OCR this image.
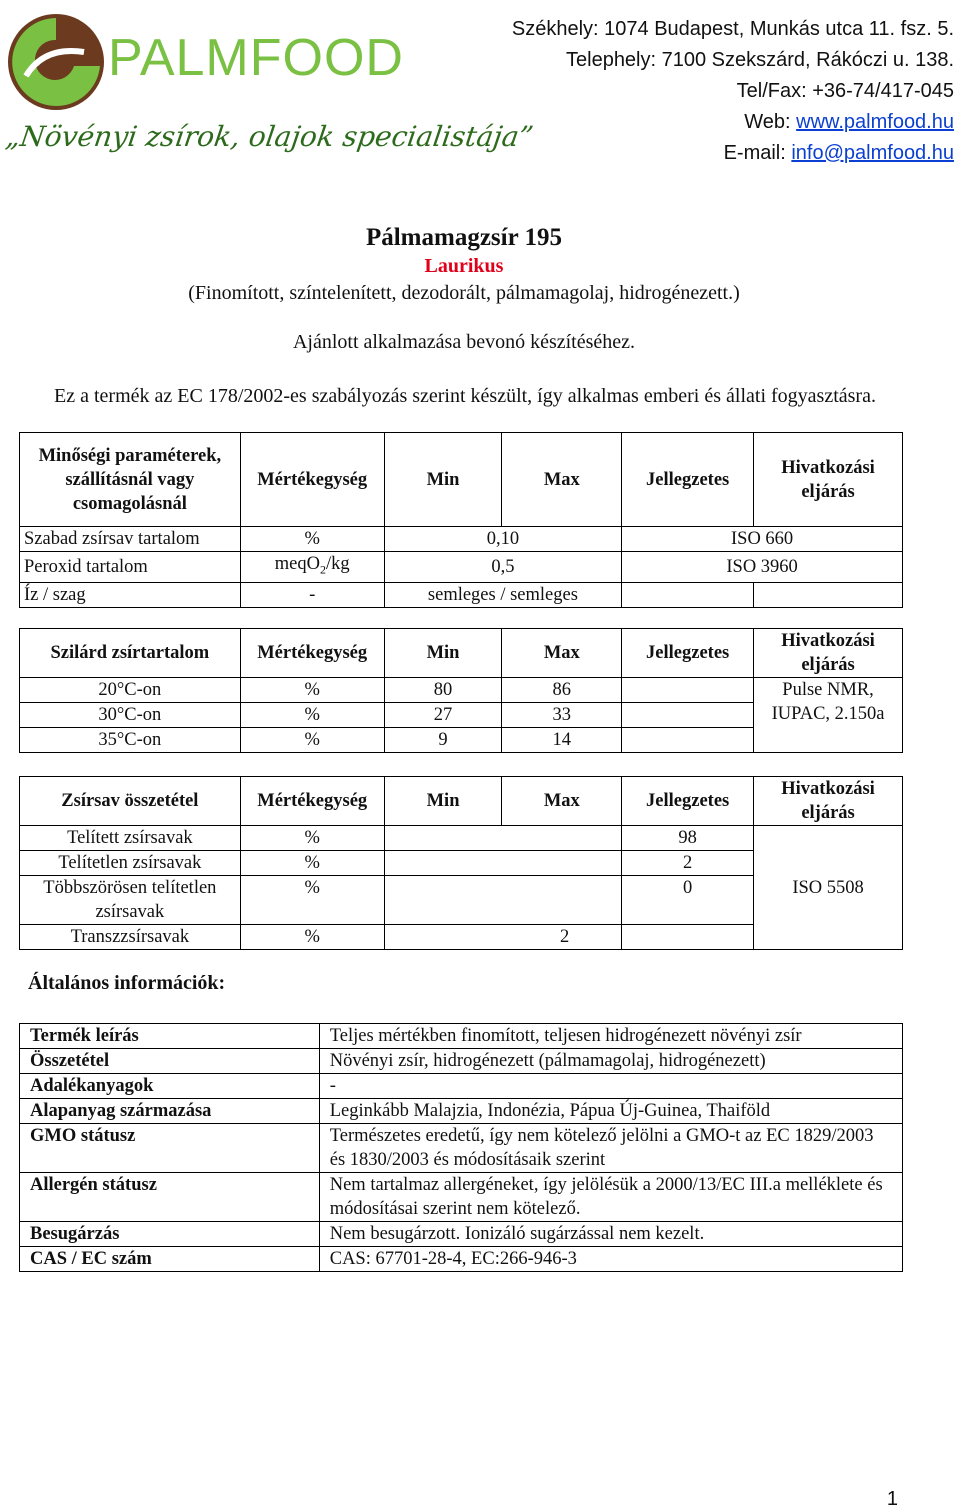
PALMFOOD
„Növényi zsírok, olajok specialistája”
Székhely: 1074 Budapest, Munkás utca 11. fsz. 5.
Telephely: 7100 Szekszárd, Rákóczi u. 138.
Tel/Fax: +36-74/417-045
Web: www.palmfood.hu
E-mail: info@palmfood.hu
Pálmamagzsír 195
Laurikus
(Finomított, színtelenített, dezodorált, pálmamagolaj, hidrogénezett.)
Ajánlott alkalmazása bevonó készítéséhez.
Ez a termék az EC 178/2002-es szabályozás szerint készült, így alkalmas emberi és állati fogyasztásra.
Minőségi paraméterek, szállításnál vagy csomagolásnál	Mértékegység	Min	Max	Jellegzetes	Hivatkozási eljárás
Szabad zsírsav tartalom	%	0,10		ISO 660	
Peroxid tartalom	meqO$_2$/kg	0,5		ISO 3960	
Íz / szag	-	semleges / semleges			
Szilárd zsírtartalom	Mértékegység	Min	Max	Jellegzetes	Hivatkozási eljárás
20°C-on	%	80	86		Pulse NMR, IUPAC, 2.150a
30°C-on	%	27	33		
35°C-on	%	9	14		
Zsírsav összetétel	Mértékegység	Min	Max	Jellegzetes	Hivatkozási eljárás
Telített zsírsavak	%			98	ISO 5508
Telítetlen zsírsavak	%			2	
Többszörösen telítetlen zsírsavak	%			0	
Transzzsírsavak	%	2			
Általános információk:
Termék leírás	Teljes mértékben finomított, teljesen hidrogénezett növényi zsír
Összetétel	Növényi zsír, hidrogénezett (pálmamagolaj, hidrogénezett)
Adalékanyagok	-
Alapanyag származása	Leginkább Malajzia, Indonézia, Pápua Új-Guinea, Thaiföld
GMO státusz	Természetes eredetű, így nem kötelező jelölni a GMO-t az EC 1829/2003 és 1830/2003 és módosításaik szerint
Allergén státusz	Nem tartalmaz allergéneket, így jelölésük a 2000/13/EC III.a melléklete és módosításai szerint nem kötelező.
Besugárzás	Nem besugárzott. Ionizáló sugárzással nem kezelt.
CAS / EC szám	CAS: 67701-28-4, EC:266-946-3
1
